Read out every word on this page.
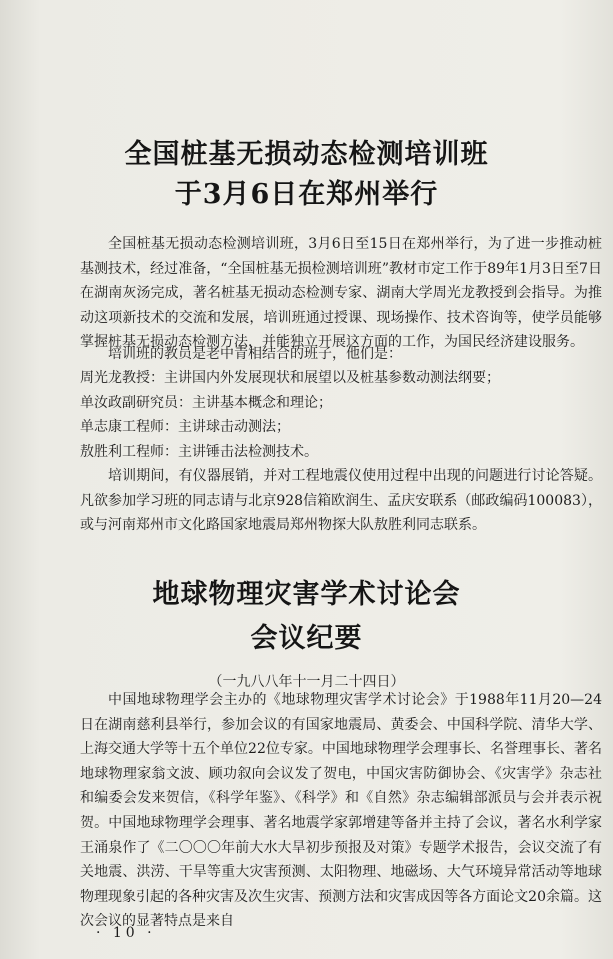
全国桩基无损动态检测培训班
于3月6日在郑州举行

全国桩基无损动态检测培训班，3月6日至15日在郑州举行，为了进一步推动桩基测技术，经过准备，“全国桩基无损检测培训班”教材市定工作于89年1月3日至7日在湖南灰汤完成，著名桩基无损动态检测专家、湖南大学周光龙教授到会指导。为推动这项新技术的交流和发展，培训班通过授课、现场操作、技术咨询等，使学员能够掌握桩基无损动态检测方法，并能独立开展这方面的工作，为国民经济建设服务。

培训班的教员是老中青相结合的班子，他们是：
周光龙教授：主讲国内外发展现状和展望以及桩基参数动测法纲要；
单汝政副研究员：主讲基本概念和理论；
单志康工程师：主讲球击动测法；
敖胜利工程师：主讲锤击法检测技术。

培训期间，有仪器展销，并对工程地震仪使用过程中出现的问题进行讨论答疑。凡欲参加学习班的同志请与北京928信箱欧润生、孟庆安联系（邮政编码100083），或与河南郑州市文化路国家地震局郑州物探大队敖胜利同志联系。

地球物理灾害学术讨论会
会议纪要
（一九八八年十一月二十四日）

中国地球物理学会主办的《地球物理灾害学术讨论会》于1988年11月20—24日在湖南慈利县举行，参加会议的有国家地震局、黄委会、中国科学院、清华大学、上海交通大学等十五个单位22位专家。中国地球物理学会理事长、名誉理事长、著名地球物理家翁文波、顾功叙向会议发了贺电，中国灾害防御协会、《灾害学》杂志社和编委会发来贺信，《科学年鉴》、《科学》和《自然》杂志编辑部派员与会并表示祝贺。中国地球物理学会理事、著名地震学家郭增建等备并主持了会议，著名水利学家王涌泉作了《二〇〇〇年前大水大旱初步预报及对策》专题学术报告，会议交流了有关地震、洪涝、干旱等重大灾害预测、太阳物理、地磁场、大气环境异常活动等地球物理现象引起的各种灾害及次生灾害、预测方法和灾害成因等各方面论文20余篇。这次会议的显著特点是来自

· 10 ·
